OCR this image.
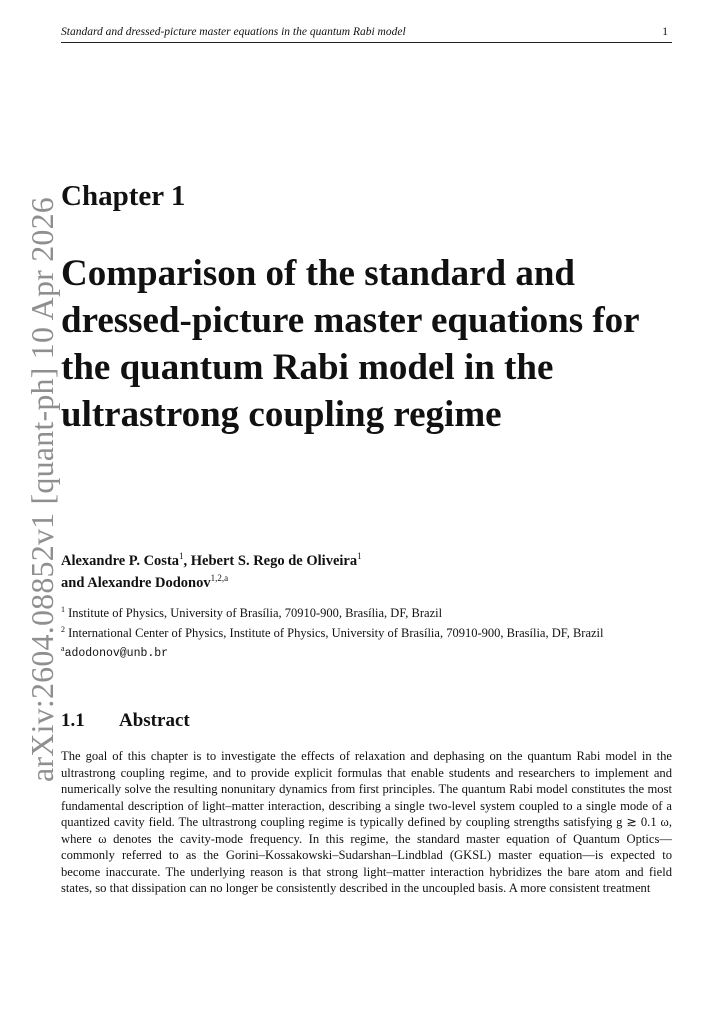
Standard and dressed-picture master equations in the quantum Rabi model	1
arXiv:2604.08852v1 [quant-ph] 10 Apr 2026
Chapter 1
Comparison of the standard and dressed-picture master equations for the quantum Rabi model in the ultrastrong coupling regime
Alexandre P. Costa$^1$, Hebert S. Rego de Oliveira$^1$
and Alexandre Dodonov$^{1,2,a}$
$^1$ Institute of Physics, University of Brasília, 70910-900, Brasília, DF, Brazil
$^2$ International Center of Physics, Institute of Physics, University of Brasília, 70910-900, Brasília, DF, Brazil
$^a$adodonov@unb.br
1.1 Abstract

The goal of this chapter is to investigate the effects of relaxation and dephasing on the quantum Rabi model in the ultrastrong coupling regime, and to provide explicit formulas that enable students and researchers to implement and numerically solve the resulting nonunitary dynamics from first principles. The quantum Rabi model constitutes the most fundamental description of light–matter interaction, describing a single two-level system coupled to a single mode of a quantized cavity field. The ultrastrong coupling regime is typically defined by coupling strengths satisfying g ≳ 0.1 ω, where ω denotes the cavity-mode frequency. In this regime, the standard master equation of Quantum Optics—commonly referred to as the Gorini–Kossakowski–Sudarshan–Lindblad (GKSL) master equation—is expected to become inaccurate. The underlying reason is that strong light–matter interaction hybridizes the bare atom and field states, so that dissipation can no longer be consistently described in the uncoupled basis. A more consistent treatment
